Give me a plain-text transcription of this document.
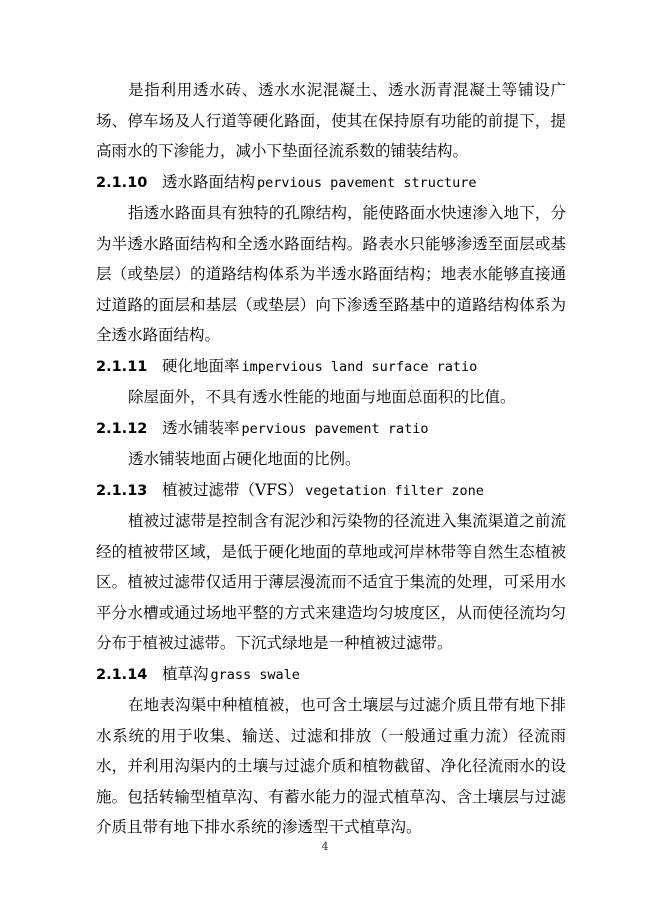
是指利用透水砖、透水水泥混凝土、透水沥青混凝土等铺设广场、停车场及人行道等硬化路面，使其在保持原有功能的前提下，提高雨水的下渗能力，减小下垫面径流系数的铺装结构。

2.1.10 透水路面结构 pervious pavement structure

指透水路面具有独特的孔隙结构，能使路面水快速渗入地下，分为半透水路面结构和全透水路面结构。路表水只能够渗透至面层或基层（或垫层）的道路结构体系为半透水路面结构；地表水能够直接通过道路的面层和基层（或垫层）向下渗透至路基中的道路结构体系为全透水路面结构。

2.1.11 硬化地面率 impervious land surface ratio

除屋面外，不具有透水性能的地面与地面总面积的比值。

2.1.12 透水铺装率 pervious pavement ratio

透水铺装地面占硬化地面的比例。

2.1.13 植被过滤带（VFS） vegetation filter zone

植被过滤带是控制含有泥沙和污染物的径流进入集流渠道之前流经的植被带区域，是低于硬化地面的草地或河岸林带等自然生态植被区。植被过滤带仅适用于薄层漫流而不适宜于集流的处理，可采用水平分水槽或通过场地平整的方式来建造均匀坡度区，从而使径流均匀分布于植被过滤带。下沉式绿地是一种植被过滤带。

2.1.14 植草沟 grass swale

在地表沟渠中种植植被，也可含土壤层与过滤介质且带有地下排水系统的用于收集、输送、过滤和排放（一般通过重力流）径流雨水，并利用沟渠内的土壤与过滤介质和植物截留、净化径流雨水的设施。包括转输型植草沟、有蓄水能力的湿式植草沟、含土壤层与过滤介质且带有地下排水系统的渗透型干式植草沟。

4
